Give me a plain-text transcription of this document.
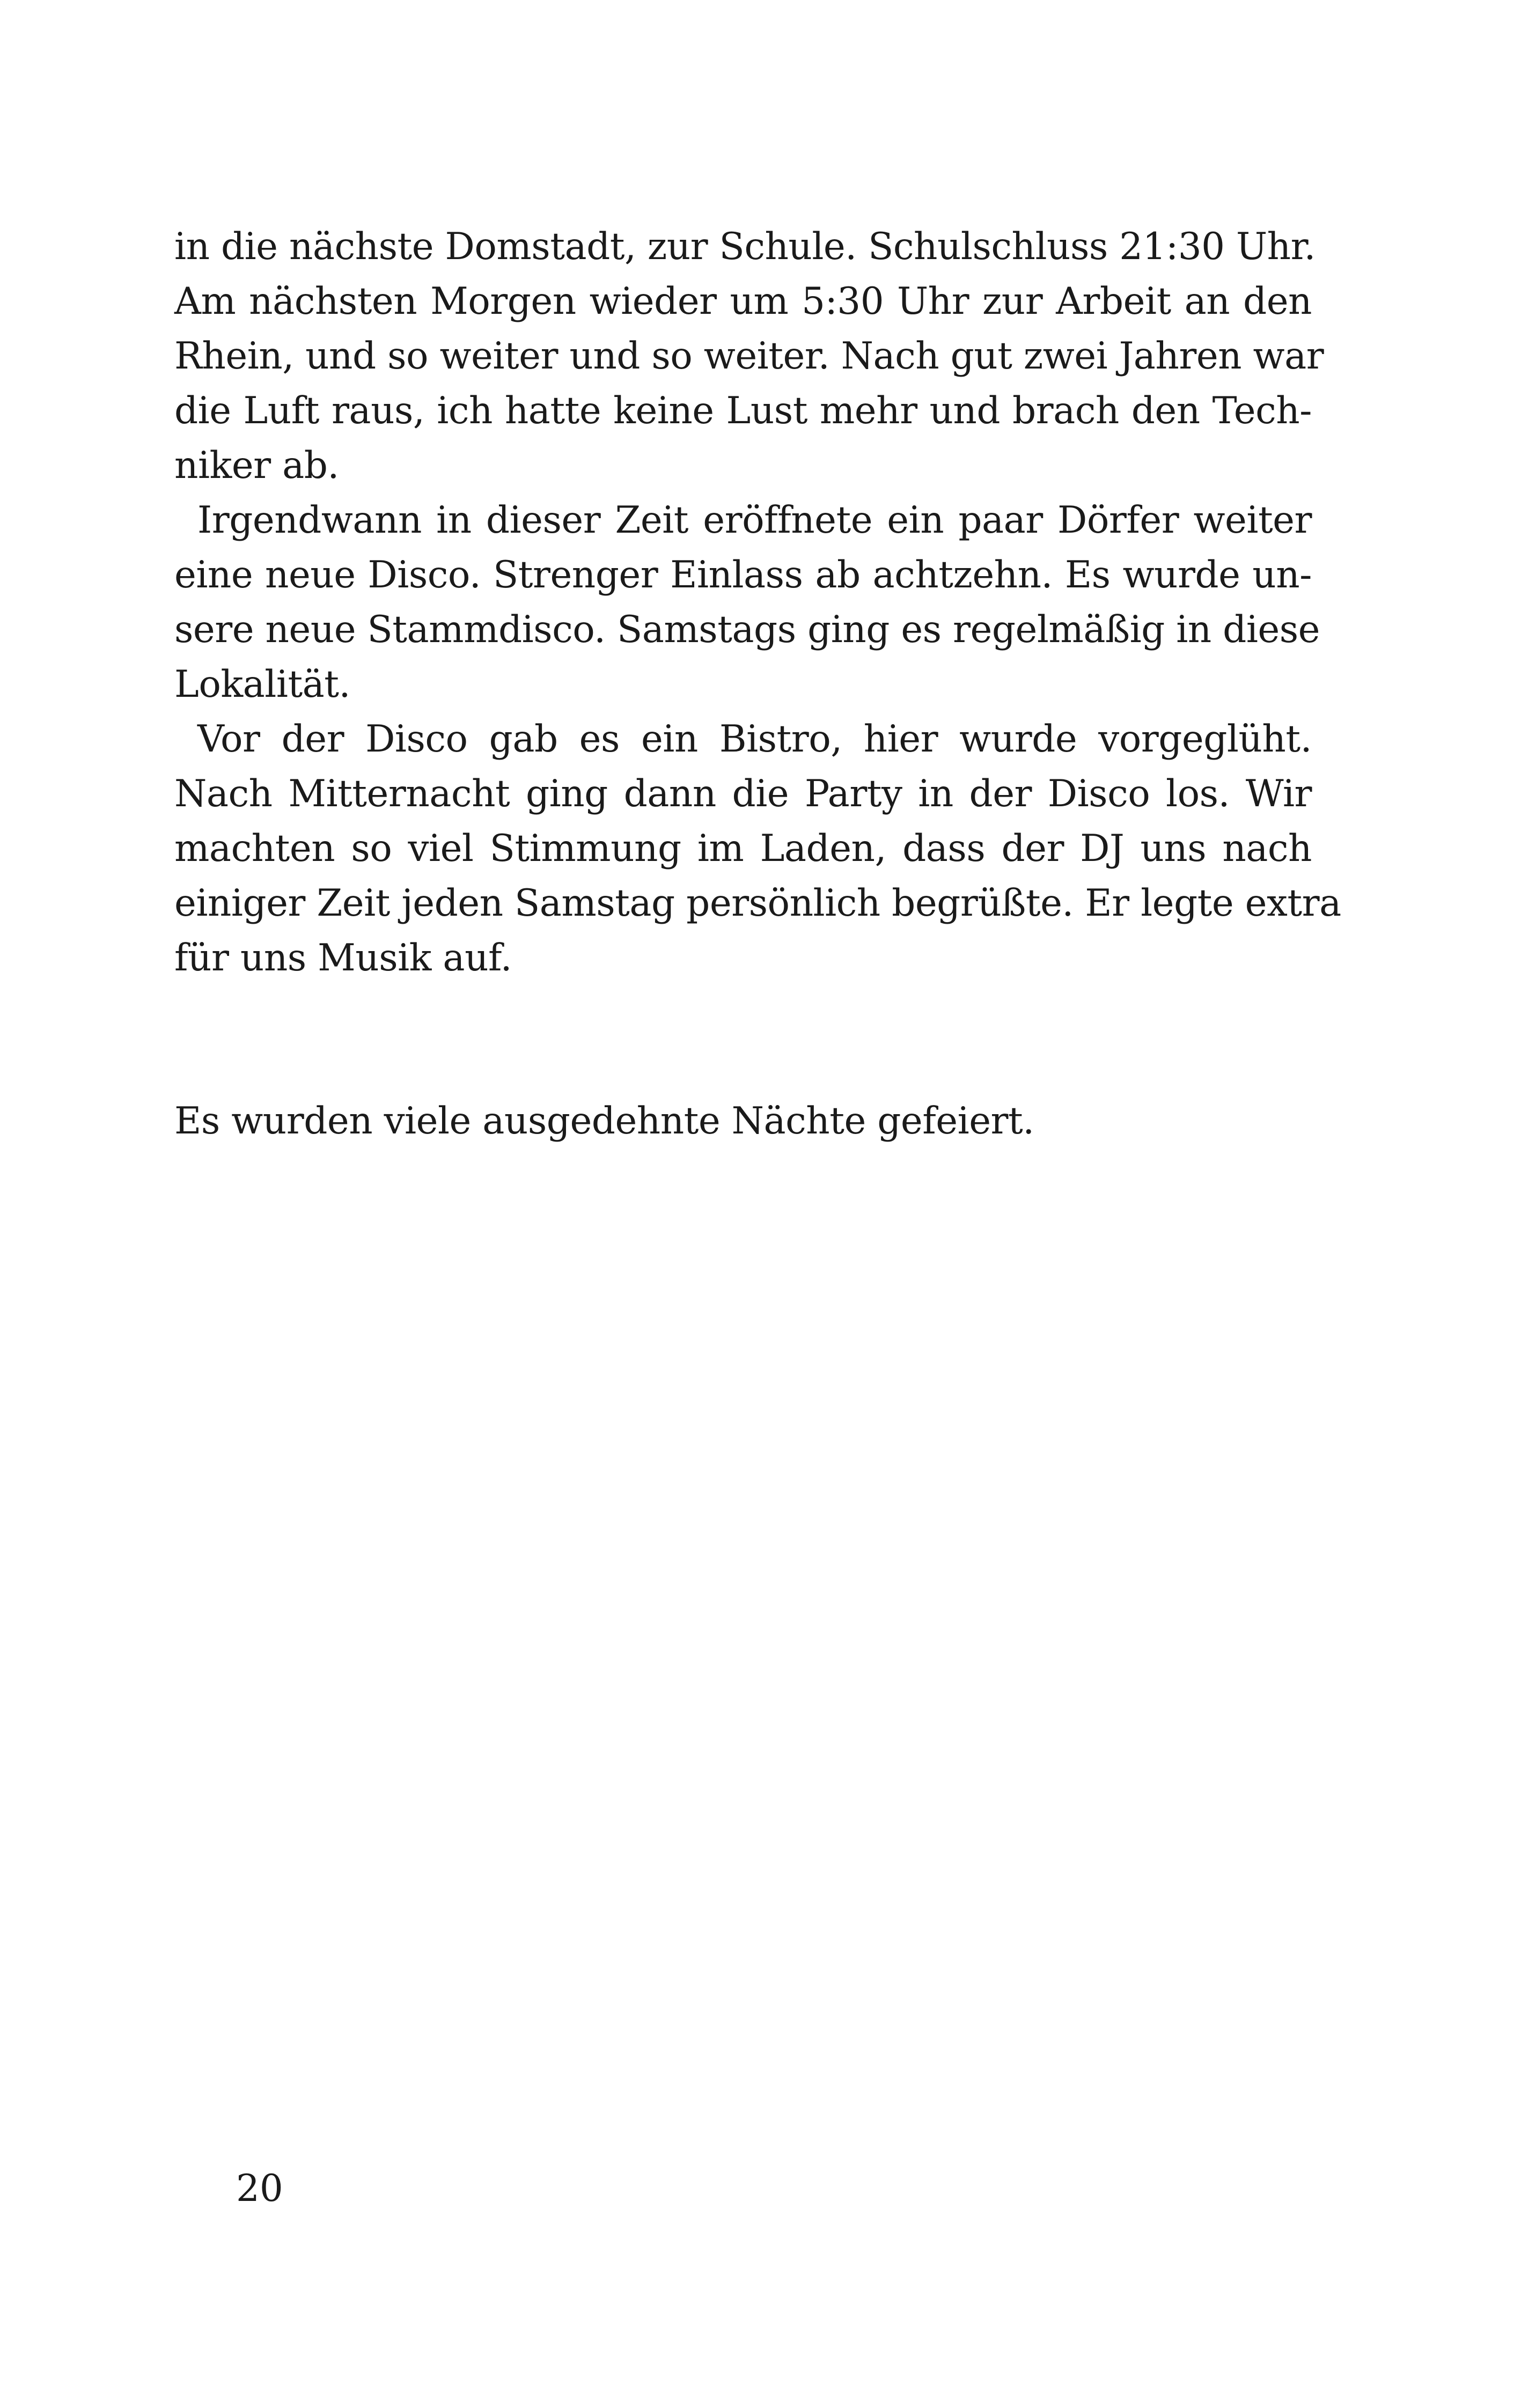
in die nächste Domstadt, zur Schule. Schulschluss 21:30 Uhr.
Am nächsten Morgen wieder um 5:30 Uhr zur Arbeit an den
Rhein, und so weiter und so weiter. Nach gut zwei Jahren war
die Luft raus, ich hatte keine Lust mehr und brach den Tech-
niker ab.
Irgendwann in dieser Zeit eröffnete ein paar Dörfer weiter
eine neue Disco. Strenger Einlass ab achtzehn. Es wurde un-
sere neue Stammdisco. Samstags ging es regelmäßig in diese
Lokalität.
Vor der Disco gab es ein Bistro, hier wurde vorgeglüht.
Nach Mitternacht ging dann die Party in der Disco los. Wir
machten so viel Stimmung im Laden, dass der DJ uns nach
einiger Zeit jeden Samstag persönlich begrüßte. Er legte extra
für uns Musik auf.
Es wurden viele ausgedehnte Nächte gefeiert.
20
